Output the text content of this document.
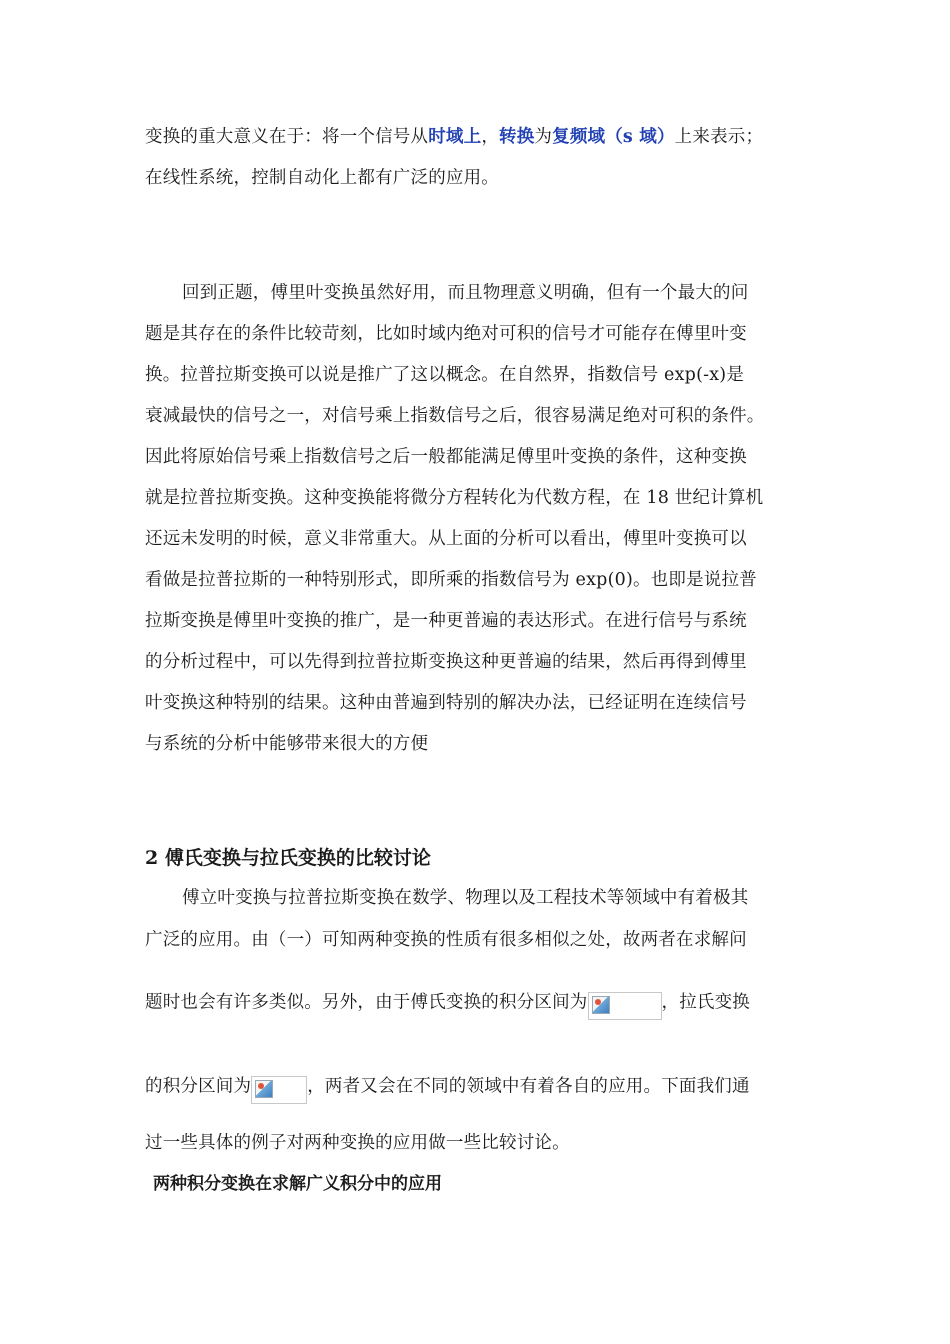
变换的重大意义在于：将一个信号从时域上，转换为复频域（s 域）上来表示；
在线性系统，控制自动化上都有广泛的应用。
回到正题，傅里叶变换虽然好用，而且物理意义明确，但有一个最大的问
题是其存在的条件比较苛刻，比如时域内绝对可积的信号才可能存在傅里叶变
换。拉普拉斯变换可以说是推广了这以概念。在自然界，指数信号 exp(-x)是
衰减最快的信号之一，对信号乘上指数信号之后，很容易满足绝对可积的条件。
因此将原始信号乘上指数信号之后一般都能满足傅里叶变换的条件，这种变换
就是拉普拉斯变换。这种变换能将微分方程转化为代数方程，在 18 世纪计算机
还远未发明的时候，意义非常重大。从上面的分析可以看出，傅里叶变换可以
看做是拉普拉斯的一种特别形式，即所乘的指数信号为 exp(0)。也即是说拉普
拉斯变换是傅里叶变换的推广，是一种更普遍的表达形式。在进行信号与系统
的分析过程中，可以先得到拉普拉斯变换这种更普遍的结果，然后再得到傅里
叶变换这种特别的结果。这种由普遍到特别的解决办法，已经证明在连续信号
与系统的分析中能够带来很大的方便
2 傅氏变换与拉氏变换的比较讨论
傅立叶变换与拉普拉斯变换在数学、物理以及工程技术等领域中有着极其
广泛的应用。由（一）可知两种变换的性质有很多相似之处，故两者在求解问
题时也会有许多类似。另外，由于傅氏变换的积分区间为	，拉氏变换
的积分区间为	，两者又会在不同的领域中有着各自的应用。下面我们通
过一些具体的例子对两种变换的应用做一些比较讨论。
两种积分变换在求解广义积分中的应用
